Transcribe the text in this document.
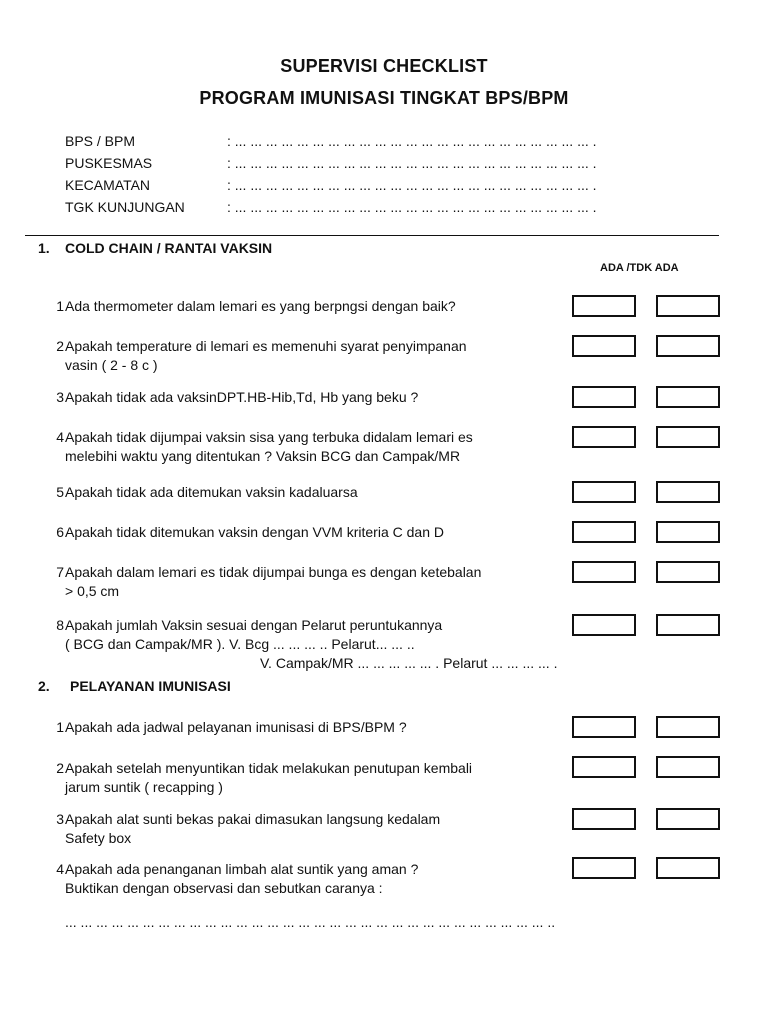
SUPERVISI CHECKLIST
PROGRAM IMUNISASI TINGKAT BPS/BPM
BPS / BPM	: ... ... ... ... ... ... ... ... ... ... ... ... ... ... ... ... ... ... ... ... ... ... ... .
PUSKESMAS	: ... ... ... ... ... ... ... ... ... ... ... ... ... ... ... ... ... ... ... ... ... ... ... .
KECAMATAN	: ... ... ... ... ... ... ... ... ... ... ... ... ... ... ... ... ... ... ... ... ... ... ... .
TGK KUNJUNGAN	: ... ... ... ... ... ... ... ... ... ... ... ... ... ... ... ... ... ... ... ... ... ... ... .
1. COLD CHAIN / RANTAI VAKSIN
ADA /TDK ADA
1 Ada thermometer dalam lemari es yang berpngsi dengan baik?
2 Apakah temperature di lemari es memenuhi syarat penyimpanan
vasin ( 2 - 8 c )
3 Apakah tidak ada vaksinDPT.HB-Hib,Td, Hb yang beku ?
4 Apakah tidak dijumpai vaksin sisa yang terbuka didalam lemari es
melebihi waktu yang ditentukan ? Vaksin BCG dan Campak/MR
5 Apakah tidak ada ditemukan vaksin kadaluarsa
6 Apakah tidak ditemukan vaksin dengan VVM kriteria C dan D
7 Apakah dalam lemari es tidak dijumpai bunga es dengan ketebalan
> 0,5 cm
8 Apakah jumlah Vaksin sesuai dengan Pelarut peruntukannya
( BCG dan Campak/MR ). V. Bcg ... ... ... .. Pelarut... ... ..
V. Campak/MR ... ... ... ... ... . Pelarut ... ... ... ... .
2. PELAYANAN IMUNISASI
1 Apakah ada jadwal pelayanan imunisasi di BPS/BPM ?
2 Apakah setelah menyuntikan tidak melakukan penutupan kembali
jarum suntik ( recapping )
3 Apakah alat sunti bekas pakai dimasukan langsung kedalam
Safety box
4 Apakah ada penanganan limbah alat suntik yang aman ?
Buktikan dengan observasi dan sebutkan caranya :
... ... ... ... ... ... ... ... ... ... ... ... ... ... ... ... ... ... ... ... ... ... ... ... ... ... ... ... ... ... ... ..
